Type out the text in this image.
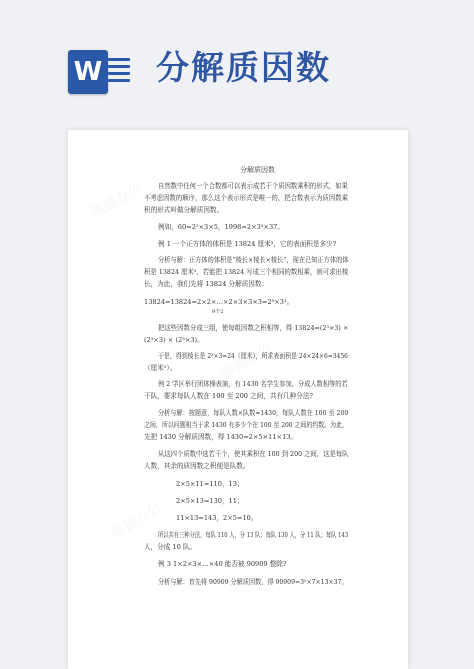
W 分解质因数
熊猫办公
熊猫办公
熊猫办公
分解质因数
自然数中任何一个合数都可以表示成若干个质因数乘积的形式，如果
不考虑因数的顺序，那么这个表示形式是唯一的，把合数表示为质因数乘
积的形式叫做分解质因数。
例如，60=2²×3×5，1998=2×3³×37。
例 1 一个正方体的体积是 13824 厘米³，它的表面积是多少?
分析与解：正方体的体积是“棱长×棱长×棱长”，现在已知正方体的体
积是 13824 厘米³，若能把 13824 写成三个相同的数相乘，则可求出棱
长，为此，我们先将 13824 分解质因数：
13824=13824=2×2×…×2×3×3×3=2⁹×3³。
9个2
把这些因数分成三组，使每组因数之积相等，得 13824=(2³×3) ×
(2³×3) × (2³×3)。
于是，得到棱长是 2³×3=24（厘米），所求表面积是 24×24×6=3456
（厘米²）。
例 2 学区举行团体操表演，有 1430 名学生参加，分成人数相等的若
干队，要求每队人数在 100 至 200 之间，共有几种分法?
分析与解：按题意，每队人数×队数=1430，每队人数在 100 至 200
之间，所以问题相当于求 1430 有多少个在 100 至 200 之间的约数。为此，
先把 1430 分解质因数，得 1430=2×5×11×13。
从这四个质数中选若干个，使其乘积在 100 到 200 之间，这是每队
人数，其余的质因数之积便是队数。
2×5×11=110，13；
2×5×13=130，11；
11×13=143，2×5=10。
所以共有三种分法，每队 110 人，分 13 队；每队 130 人，分 11 队；每队 143
人，分成 10 队。
例 3 1×2×3×…×40 能否被 90909 整除?
分析与解：首先将 90909 分解质因数，得 90909=3²×7×13×37。
